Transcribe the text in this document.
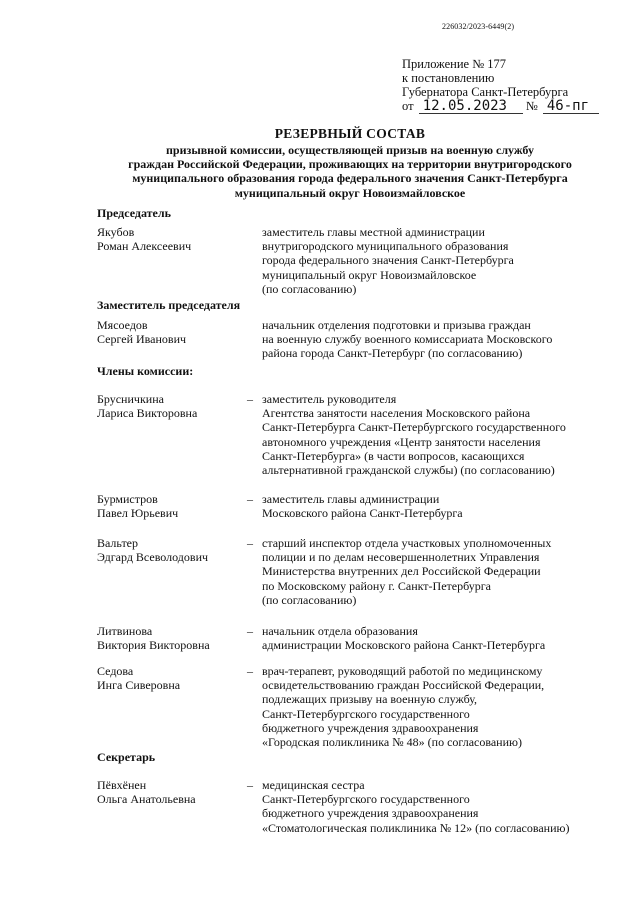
226032/2023-6449(2)
Приложение № 177
к постановлению
Губернатора Санкт-Петербурга
от 12.05.2023 № 46-пг
РЕЗЕРВНЫЙ СОСТАВ
призывной комиссии, осуществляющей призыв на военную службу
граждан Российской Федерации, проживающих на территории внутригородского
муниципального образования города федерального значения Санкт-Петербурга
муниципальный округ Новоизмайловское
Председатель
Якубов
Роман Алексеевич
заместитель главы местной администрации
внутригородского муниципального образования
города федерального значения Санкт-Петербурга
муниципальный округ Новоизмайловское
(по согласованию)
Заместитель председателя
Мясоедов
Сергей Иванович
начальник отделения подготовки и призыва граждан
на военную службу военного комиссариата Московского
района города Санкт-Петербург (по согласованию)
Члены комиссии:
Брусничкина
Лариса Викторовна
– заместитель руководителя
Агентства занятости населения Московского района
Санкт-Петербурга Санкт-Петербургского государственного
автономного учреждения «Центр занятости населения
Санкт-Петербурга» (в части вопросов, касающихся
альтернативной гражданской службы) (по согласованию)
Бурмистров
Павел Юрьевич
– заместитель главы администрации
Московского района Санкт-Петербурга
Вальтер
Эдгард Всеволодович
– старший инспектор отдела участковых уполномоченных
полиции и по делам несовершеннолетних Управления
Министерства внутренних дел Российской Федерации
по Московскому району г. Санкт-Петербурга
(по согласованию)
Литвинова
Виктория Викторовна
– начальник отдела образования
администрации Московского района Санкт-Петербурга
Седова
Инга Сиверовна
– врач-терапевт, руководящий работой по медицинскому
освидетельствованию граждан Российской Федерации,
подлежащих призыву на военную службу,
Санкт-Петербургского государственного
бюджетного учреждения здравоохранения
«Городская поликлиника № 48» (по согласованию)
Секретарь
Пёвхёнен
Ольга Анатольевна
– медицинская сестра
Санкт-Петербургского государственного
бюджетного учреждения здравоохранения
«Стоматологическая поликлиника № 12» (по согласованию)
